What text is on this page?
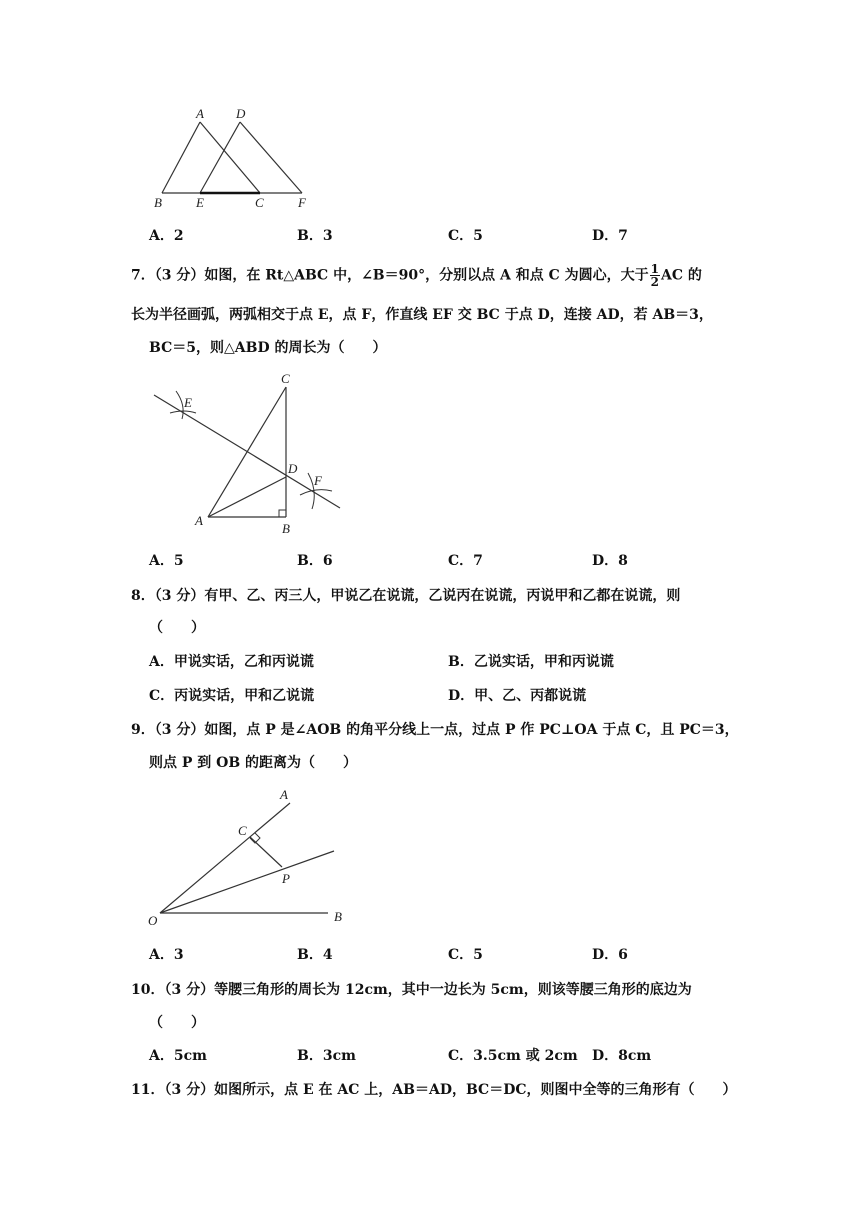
A D
B	E	C	F
A．2	B．3	C．5	D．7
7．（3 分）如图，在 Rt△ABC 中，∠B＝90°，分别以点 A 和点 C 为圆心，大于 $\frac{1}{2}$ AC 的
长为半径画弧，两弧相交于点 E，点 F，作直线 EF 交 BC 于点 D，连接 AD，若 AB＝3，
BC＝5，则△ABD 的周长为（　　）
C
E
D
F
A
B
A．5	B．6	C．7	D．8
8．（3 分）有甲、乙、丙三人，甲说乙在说谎，乙说丙在说谎，丙说甲和乙都在说谎，则
（　　）
A．甲说实话，乙和丙说谎	B．乙说实话，甲和丙说谎
C．丙说实话，甲和乙说谎	D．甲、乙、丙都说谎
9．（3 分）如图，点 P 是∠AOB 的角平分线上一点，过点 P 作 PC⊥OA 于点 C，且 PC＝3，
则点 P 到 OB 的距离为（　　）
A
C
P
O	B
A．3	B．4	C．5	D．6
10．（3 分）等腰三角形的周长为 12cm，其中一边长为 5cm，则该等腰三角形的底边为
（　　）
A．5cm	B．3cm	C．3.5cm 或 2cm D．8cm
11．（3 分）如图所示，点 E 在 AC 上，AB＝AD，BC＝DC，则图中全等的三角形有（　　）
